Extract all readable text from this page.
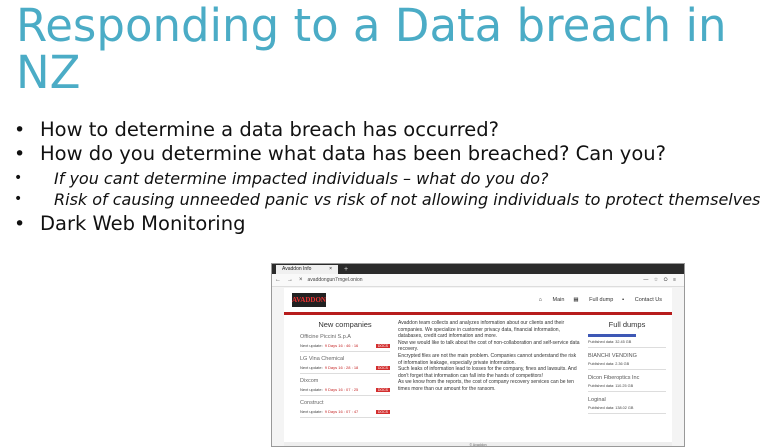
Responding to a Data breach in NZ
• How to determine a data breach has occurred?
• How do you determine what data has been breached? Can you?
• If you cant determine impacted individuals – what do you do?
• Risk of causing unneeded panic vs risk of not allowing individuals to protect themselves
• Dark Web Monitoring
Avaddon Info	× +
←	→	×	avaddongun7rngel.onion	— ☆ ⭘ ≡
AVADDON	⌂ Main ▦ Full dump ▪ Contact Us
New companies
Officine Piccini S.p.A
Next update: 9 Days 16 : 46 : 16	DOCS
LG Vina Chemical
Next update: 9 Days 16 : 28 : 18	DOCS
Dixcom
Next update: 9 Days 16 : 07 : 25	DOCS
Construct
Next update: 9 Days 16 : 07 : 47	DOCS
Avaddon team collects and analyzes information about our clients and their companies. We specialize in customer privacy data, financial information, databases, credit card information and more.
Now we would like to talk about the cost of non-collaboration and self-service data recovery.
Encrypted files are not the main problem. Companies cannot understand the risk of information leakage, especially private information.
Such leaks of information lead to losses for the company, fines and lawsuits. And don't forget that information can fall into the hands of competitors!
As we know from the reports, the cost of company recovery services can be ten times more than our amount for the ransom.
Full dumps
Published data: 32.45 GB
BIANCHI VENDING
Published data: 2.36 GB
Dicon Fiberoptics Inc
Published data: 110.25 GB
Loginal
Published data: 138.02 GB
© Avaddon
